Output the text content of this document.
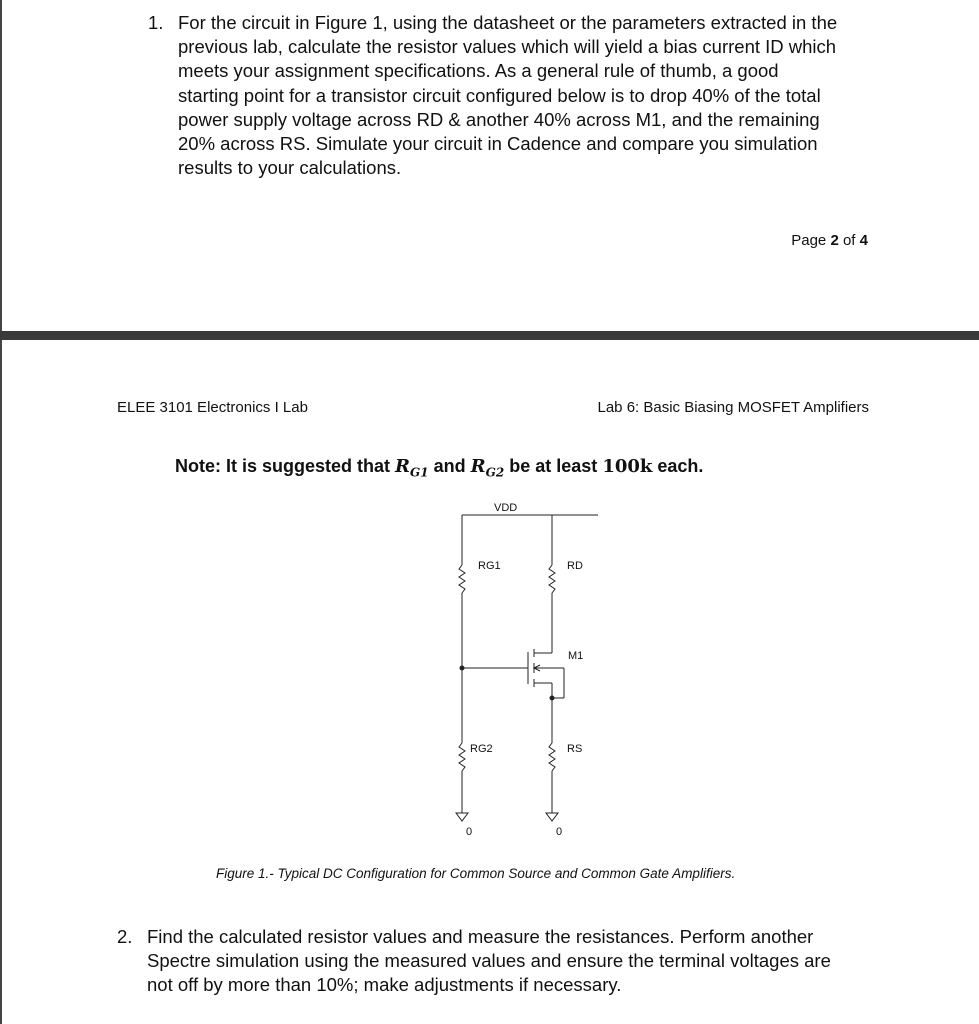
1. For the circuit in Figure 1, using the datasheet or the parameters extracted in the
previous lab, calculate the resistor values which will yield a bias current ID which
meets your assignment specifications. As a general rule of thumb, a good
starting point for a transistor circuit configured below is to drop 40% of the total
power supply voltage across RD & another 40% across M1, and the remaining
20% across RS. Simulate your circuit in Cadence and compare you simulation
results to your calculations.
Page 2 of 4
ELEE 3101 Electronics I Lab	Lab 6: Basic Biasing MOSFET Amplifiers
Note: It is suggested that $R_{G1}$ and $R_{G2}$ be at least 100k each.
VDD
RG1	RD
M1
RG2	RS
0	0
Figure 1.- Typical DC Configuration for Common Source and Common Gate Amplifiers.
2. Find the calculated resistor values and measure the resistances. Perform another
Spectre simulation using the measured values and ensure the terminal voltages are
not off by more than 10%; make adjustments if necessary.
